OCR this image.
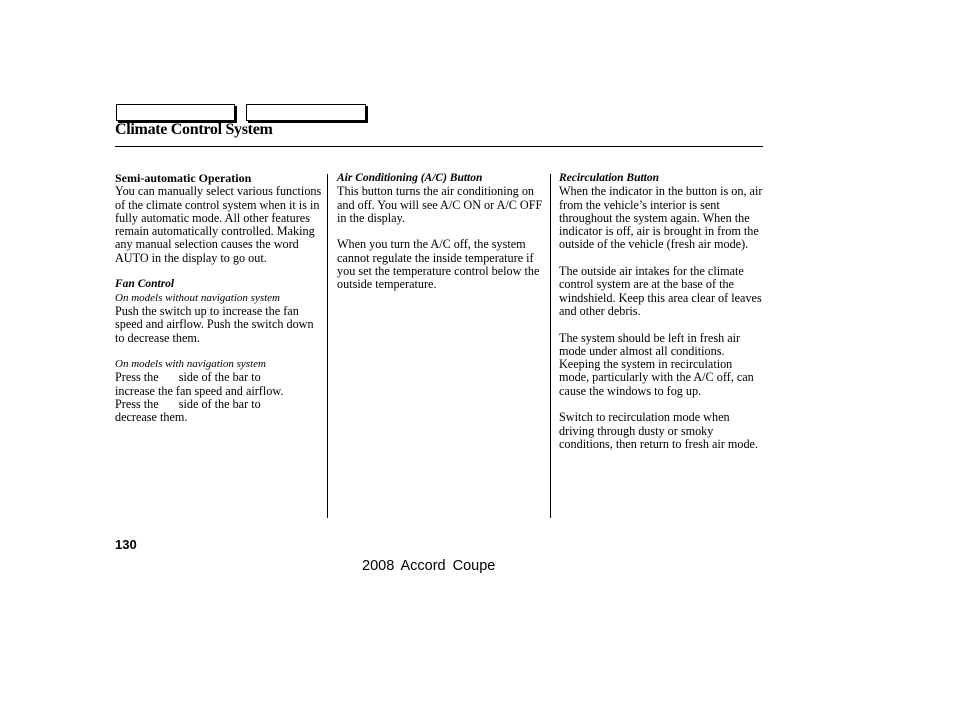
Climate Control System

Semi-automatic Operation

You can manually select various functions of the climate control system when it is in fully automatic mode. All other features remain automatically controlled. Making any manual selection causes the word AUTO in the display to go out.

Fan Control

On models without navigation system

Push the switch up to increase the fan speed and airflow. Push the switch down to decrease them.

On models with navigation system

Press the side of the bar to

increase the fan speed and airflow.

Press the side of the bar to

decrease them.

Air Conditioning (A/C) Button

This button turns the air conditioning on and off. You will see A/C ON or A/C OFF in the display.

When you turn the A/C off, the system cannot regulate the inside temperature if you set the temperature control below the outside temperature.

Recirculation Button

When the indicator in the button is on, air from the vehicle’s interior is sent throughout the system again. When the indicator is off, air is brought in from the outside of the vehicle (fresh air mode).

The outside air intakes for the climate control system are at the base of the windshield. Keep this area clear of leaves and other debris.

The system should be left in fresh air mode under almost all conditions. Keeping the system in recirculation mode, particularly with the A/C off, can cause the windows to fog up.

Switch to recirculation mode when driving through dusty or smoky conditions, then return to fresh air mode.

130
2008 Accord Coupe
